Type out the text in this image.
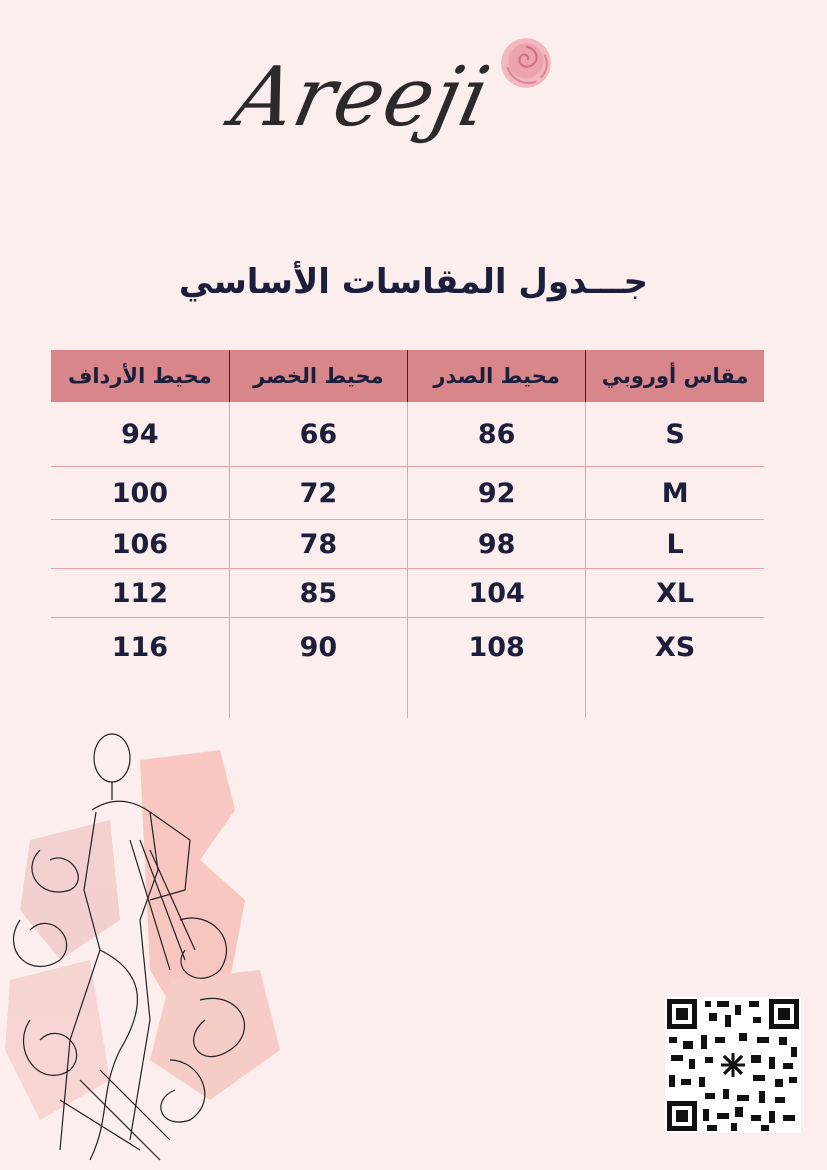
Areeji
جـــدول المقاسات الأساسي
مقاس أوروبي	محيط الصدر	محيط الخصر	محيط الأرداف
S	86	66	94
M	92	72	100
L	98	78	106
XL	104	85	112
XS	108	90	116
